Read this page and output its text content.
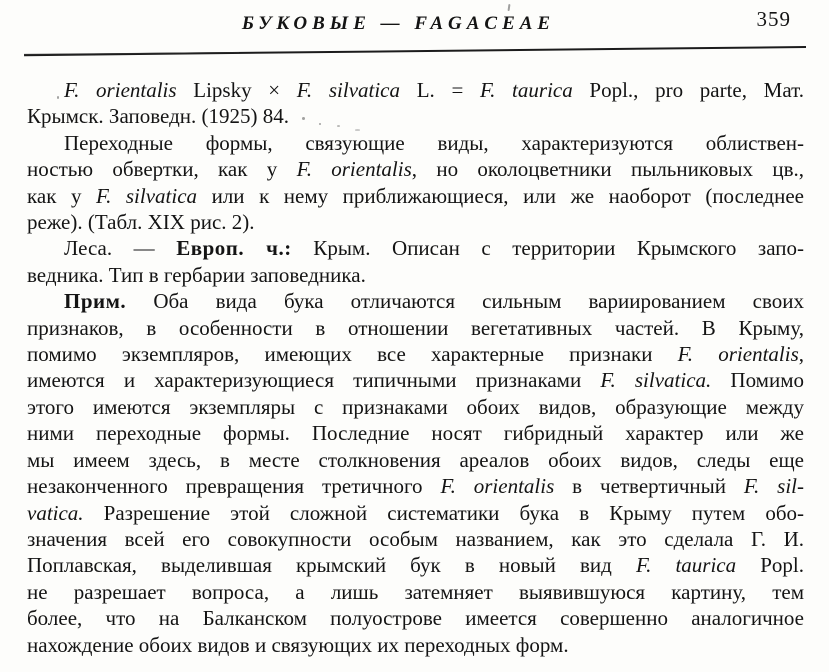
БУКОВЫЕ — FAGACEAE	359
F. orientalis Lipsky × F. silvatica L. = F. taurica Popl., pro parte, Мат.
Крымск. Заповедн. (1925) 84.
Переходные формы, связующие виды, характеризуются облиствен-
ностью обвертки, как у F. orientalis, но околоцветники пыльниковых цв.,
как у F. silvatica или к нему приближающиеся, или же наоборот (последнее
реже). (Табл. XIX рис. 2).
Леса. — Европ. ч.: Крым. Описан с территории Крымского запо-
ведника. Тип в гербарии заповедника.
Прим. Оба вида бука отличаются сильным вариированием своих
признаков, в особенности в отношении вегетативных частей. В Крыму,
помимо экземпляров, имеющих все характерные признаки F. orientalis,
имеются и характеризующиеся типичными признаками F. silvatica. Помимо
этого имеются экземпляры с признаками обоих видов, образующие между
ними переходные формы. Последние носят гибридный характер или же
мы имеем здесь, в месте столкновения ареалов обоих видов, следы еще
незаконченного превращения третичного F. orientalis в четвертичный F. sil-
vatica. Разрешение этой сложной систематики бука в Крыму путем обо-
значения всей его совокупности особым названием, как это сделала Г. И.
Поплавская, выделившая крымский бук в новый вид F. taurica Popl.
не разрешает вопроса, а лишь затемняет выявившуюся картину, тем
более, что на Балканском полуострове имеется совершенно аналогичное
нахождение обоих видов и связующих их переходных форм.
